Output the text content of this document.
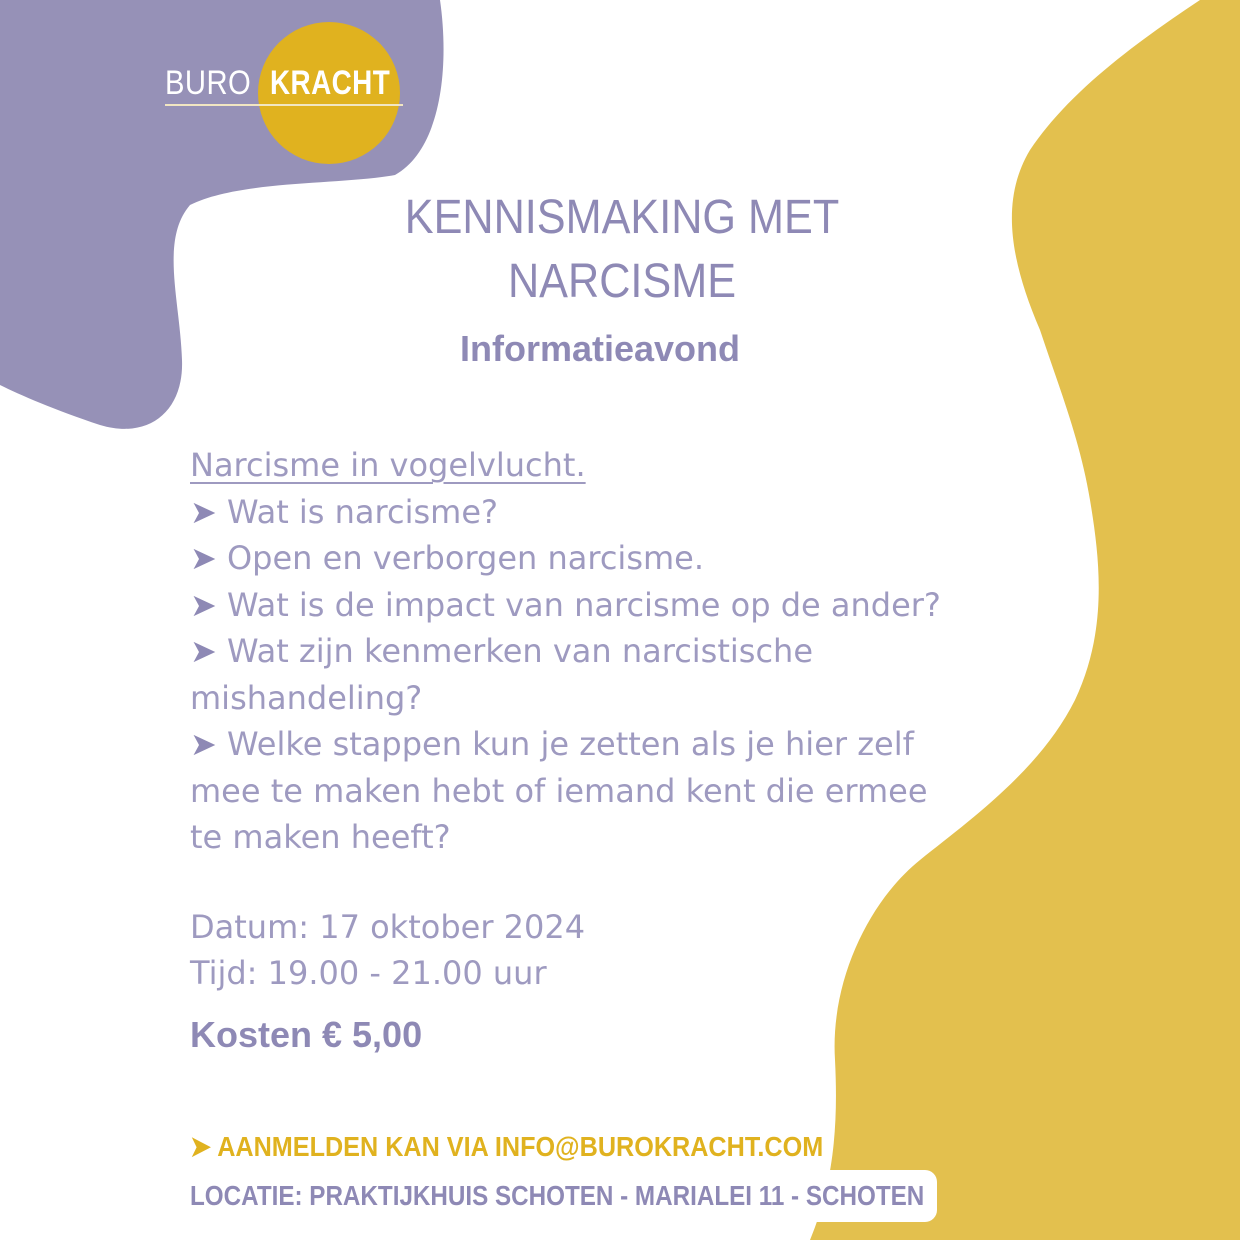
BURO KRACHT
KENNISMAKING MET
NARCISME
Informatieavond

Narcisme in vogelvlucht.

➤ Wat is narcisme?

➤ Open en verborgen narcisme.

➤ Wat is de impact van narcisme op de ander?

➤ Wat zijn kenmerken van narcistische mishandeling?

➤ Welke stappen kun je zetten als je hier zelf mee te maken hebt of iemand kent die ermee te maken heeft?

Datum: 17 oktober 2024

Tijd: 19.00 - 21.00 uur

Kosten € 5,00

➤ AANMELDEN KAN VIA INFO@BUROKRACHT.COM

LOCATIE: PRAKTIJKHUIS SCHOTEN - MARIALEI 11 - SCHOTEN
